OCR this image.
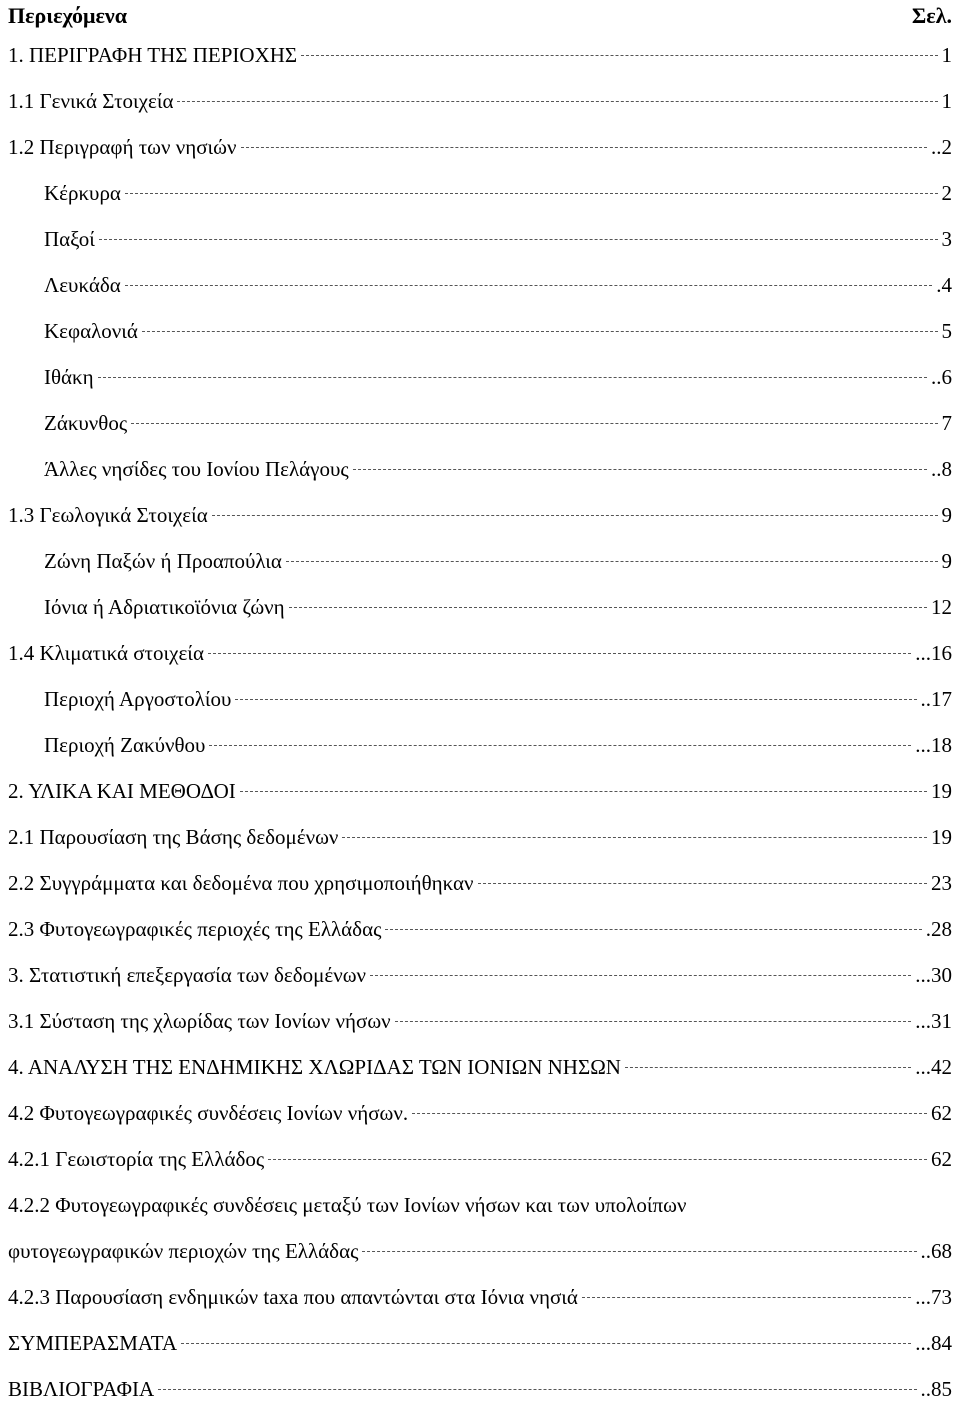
Περιεχόμενα	Σελ.
1. ΠΕΡΙΓΡΑΦΗ ΤΗΣ ΠΕΡΙΟΧΗΣ	1
1.1 Γενικά Στοιχεία	1
1.2 Περιγραφή των νησιών	..2
Κέρκυρα	2
Παξοί	3
Λευκάδα	.4
Κεφαλονιά	5
Ιθάκη	..6
Ζάκυνθος	7
Άλλες νησίδες του Ιονίου Πελάγους	..8
1.3 Γεωλογικά Στοιχεία	9
Ζώνη Παξών ή Προαπούλια	9
Ιόνια ή Αδριατικοϊόνια ζώνη	12
1.4 Κλιματικά στοιχεία	...16
Περιοχή Αργοστολίου	..17
Περιοχή Ζακύνθου	...18
2. ΥΛΙΚΑ ΚΑΙ ΜΕΘΟΔΟΙ	19
2.1 Παρουσίαση της Βάσης δεδομένων	19
2.2 Συγγράμματα και δεδομένα που χρησιμοποιήθηκαν	23
2.3 Φυτογεωγραφικές περιοχές της Ελλάδας	.28
3. Στατιστική επεξεργασία των δεδομένων	...30
3.1 Σύσταση της χλωρίδας των Ιονίων νήσων	...31
4. ΑΝΑΛΥΣΗ ΤΗΣ ΕΝΔΗΜΙΚΗΣ ΧΛΩΡΙΔΑΣ ΤΩΝ ΙΟΝΙΩΝ ΝΗΣΩΝ	...42
4.2 Φυτογεωγραφικές συνδέσεις Ιονίων νήσων.	62
4.2.1 Γεωιστορία της Ελλάδος	62
4.2.2 Φυτογεωγραφικές συνδέσεις μεταξύ των Ιονίων νήσων και των υπολοίπων
φυτογεωγραφικών περιοχών της Ελλάδας	..68
4.2.3 Παρουσίαση ενδημικών taxa που απαντώνται στα Ιόνια νησιά	...73
ΣΥΜΠΕΡΑΣΜΑΤΑ	...84
ΒΙΒΛΙΟΓΡΑΦΙΑ	..85
